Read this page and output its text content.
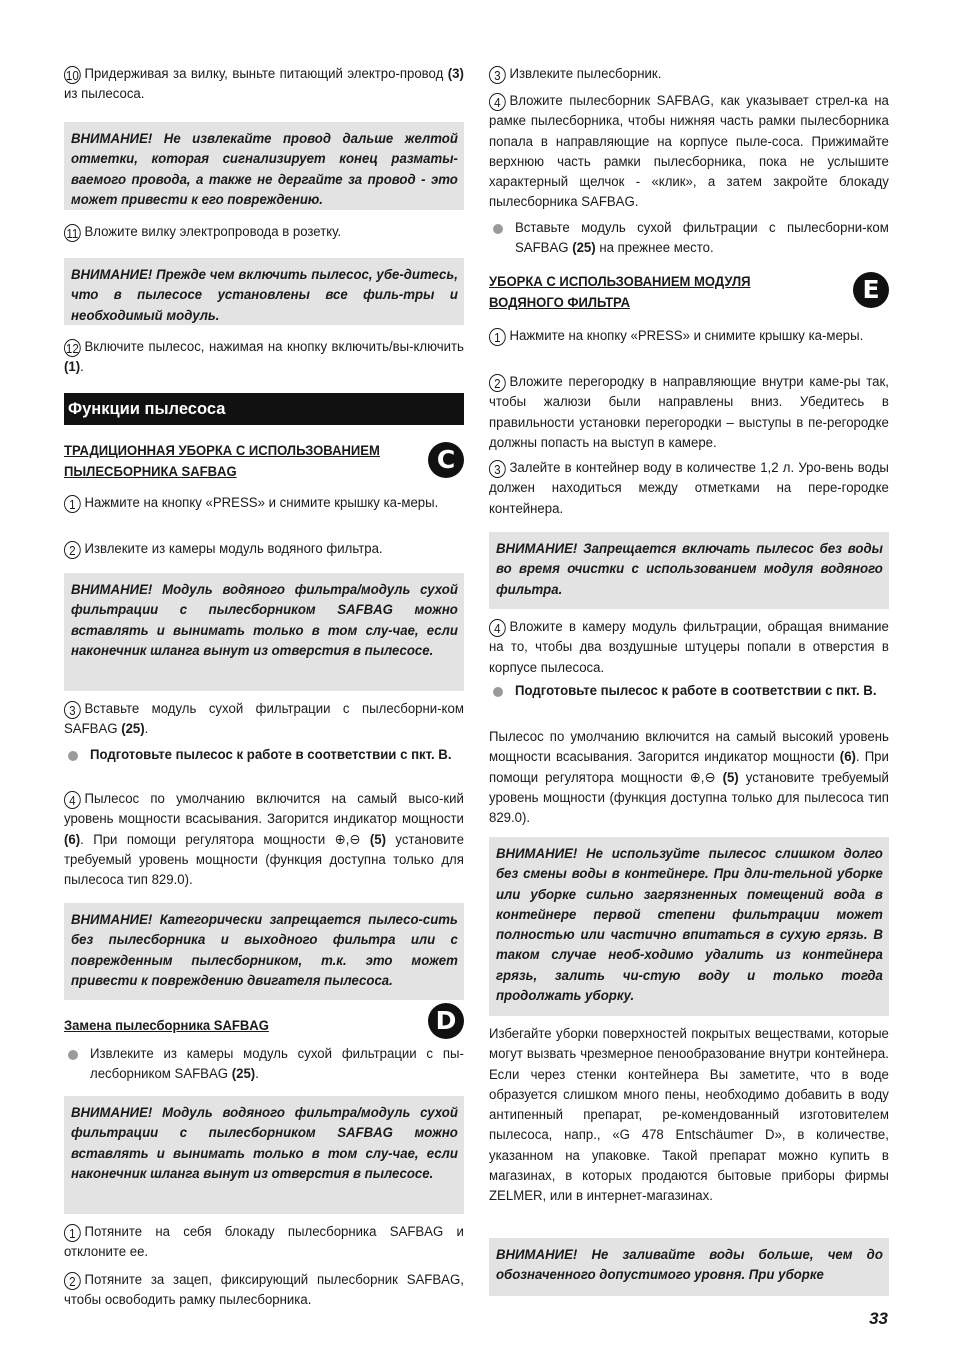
10 Придерживая за вилку, выньте питающий электро-провод (3) из пылесоса.

ВНИМАНИЕ! Не извлекайте провод дальше желтой отметки, которая сигнализирует конец разматы-ваемого провода, а также не дергайте за провод - это может привести к его повреждению.

11 Вложите вилку электропровода в розетку.

ВНИМАНИЕ! Прежде чем включить пылесос, убе-дитесь, что в пылесосе установлены все филь-тры и необходимый модуль.

12 Включите пылесос, нажимая на кнопку включить/вы-ключить (1).

Функции пылесоса
ТРАДИЦИОННАЯ УБОРКА С ИСПОЛЬЗОВАНИЕМ
ПЫЛЕСБОРНИКА SAFBAG	C

1 Нажмите на кнопку «PRESS» и снимите крышку ка-меры.

2 Извлеките из камеры модуль водяного фильтра.

ВНИМАНИЕ! Модуль водяного фильтра/модуль сухой фильтрации с пылесборником SAFBAG можно вставлять и вынимать только в том слу-чае, если наконечник шланга вынут из отверстия в пылесосе.

3 Вставьте модуль сухой фильтрации с пылесборни-ком SAFBAG (25).

Подготовьте пылесос к работе в соответствии с пкт. B.

4 Пылесос по умолчанию включится на самый высо-кий уровень мощности всасывания. Загорится индикатор мощности (6). При помощи регулятора мощности ⊕,⊖ (5) установите требуемый уровень мощности (функция доступна только для пылесоса тип 829.0).

ВНИМАНИЕ! Категорически запрещается пылесо-сить без пылесборника и выходного фильтра или с поврежденным пылесборником, т.к. это может привести к повреждению двигателя пылесоса.

Замена пылесборника SAFBAG	D

Извлеките из камеры модуль сухой фильтрации с пы-лесборником SAFBAG (25).

ВНИМАНИЕ! Модуль водяного фильтра/модуль сухой фильтрации с пылесборником SAFBAG можно вставлять и вынимать только в том слу-чае, если наконечник шланга вынут из отверстия в пылесосе.

1 Потяните на себя блокаду пылесборника SAFBAG и отклоните ее.

2 Потяните за зацеп, фиксирующий пылесборник SAFBAG, чтобы освободить рамку пылесборника.

3 Извлеките пылесборник.

4 Вложите пылесборник SAFBAG, как указывает стрел-ка на рамке пылесборника, чтобы нижняя часть рамки пылесборника попала в направляющие на корпусе пыле-соса. Прижимайте верхнюю часть рамки пылесборника, пока не услышите характерный щелчок - «клик», а затем закройте блокаду пылесборника SAFBAG.

Вставьте модуль сухой фильтрации с пылесборни-ком SAFBAG (25) на прежнее место.

УБОРКА С ИСПОЛЬЗОВАНИЕМ МОДУЛЯ
ВОДЯНОГО ФИЛЬТРА	E

1 Нажмите на кнопку «PRESS» и снимите крышку ка-меры.

2 Вложите перегородку в направляющие внутри каме-ры так, чтобы жалюзи были направлены вниз. Убедитесь в правильности установки перегородки – выступы в пе-регородке должны попасть на выступ в камере.

3 Залейте в контейнер воду в количестве 1,2 л. Уро-вень воды должен находиться между отметками на пере-городке контейнера.

ВНИМАНИЕ! Запрещается включать пылесос без воды во время очистки с использованием модуля водяного фильтра.

4 Вложите в камеру модуль фильтрации, обращая внимание на то, чтобы два воздушные штуцеры попали в отверстия в корпусе пылесоса.

Подготовьте пылесос к работе в соответствии с пкт. B.

Пылесос по умолчанию включится на самый высокий уровень мощности всасывания. Загорится индикатор мощности (6). При помощи регулятора мощности ⊕,⊖ (5) установите требуемый уровень мощности (функция доступна только для пылесоса тип 829.0).

ВНИМАНИЕ! Не используйте пылесос слишком долго без смены воды в контейнере. При дли-тельной уборке или уборке сильно загрязненных помещений вода в контейнере первой степени фильтрации может полностью или частично впитаться в сухую грязь. В таком случае необ-ходимо удалить из контейнера грязь, залить чи-стую воду и только тогда продолжать уборку.

Избегайте уборки поверхностей покрытых веществами, которые могут вызвать чрезмерное пенообразование внутри контейнера. Если через стенки контейнера Вы заметите, что в воде образуется слишком много пены, необходимо добавить в воду антипенный препарат, ре-комендованный изготовителем пылесоса, напр., «G 478 Entschäumer D», в количестве, указанном на упаковке. Такой препарат можно купить в магазинах, в которых продаются бытовые приборы фирмы ZELMER, или в интернет-магазинах.

ВНИМАНИЕ! Не заливайте воды больше, чем до обозначенного допустимого уровня. При уборке

33
